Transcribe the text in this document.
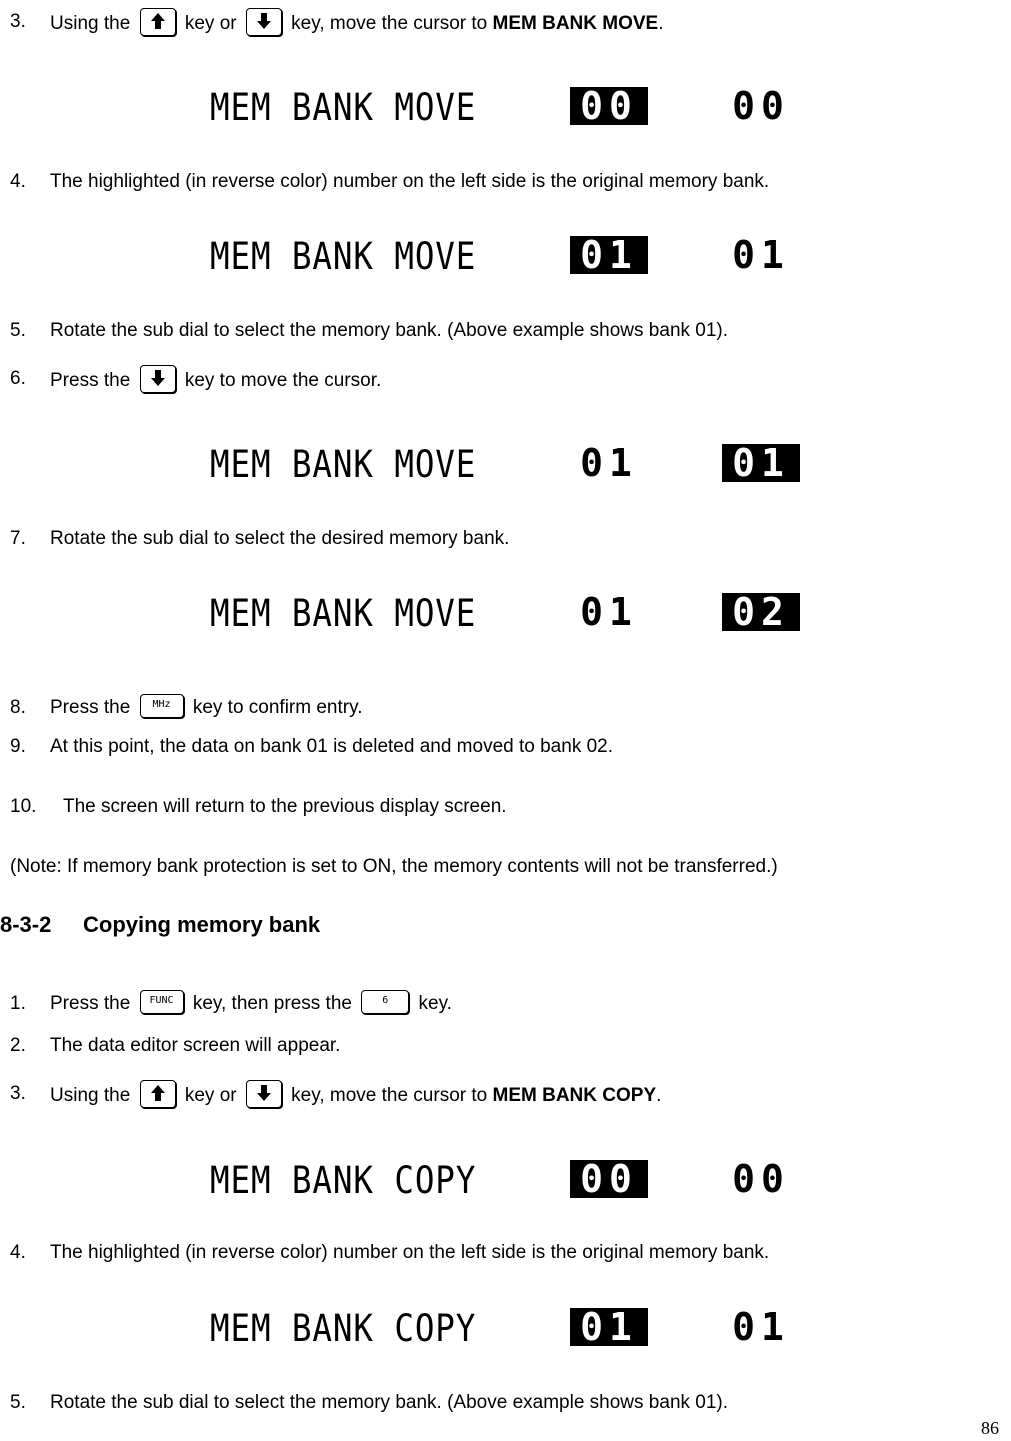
3. Using the	key or	key, move the cursor to MEM BANK MOVE.
MEM BANK MOVE	00 00
4. The highlighted (in reverse color) number on the left side is the original memory bank.
MEM BANK MOVE	01 01
5. Rotate the sub dial to select the memory bank. (Above example shows bank 01).
6. Press the	key to move the cursor.
MEM BANK MOVE	01 01
7. Rotate the sub dial to select the desired memory bank.
MEM BANK MOVE	01 02
8. Press the MHz key to confirm entry.
9. At this point, the data on bank 01 is deleted and moved to bank 02.
10. The screen will return to the previous display screen.
(Note: If memory bank protection is set to ON, the memory contents will not be transferred.)
8-3-2 Copying memory bank
1. Press the FUNC key, then press the	6 key.
2. The data editor screen will appear.
3. Using the	key or	key, move the cursor to MEM BANK COPY.
MEM BANK COPY	00 00
4. The highlighted (in reverse color) number on the left side is the original memory bank.
MEM BANK COPY	01 01
5. Rotate the sub dial to select the memory bank. (Above example shows bank 01).
86
